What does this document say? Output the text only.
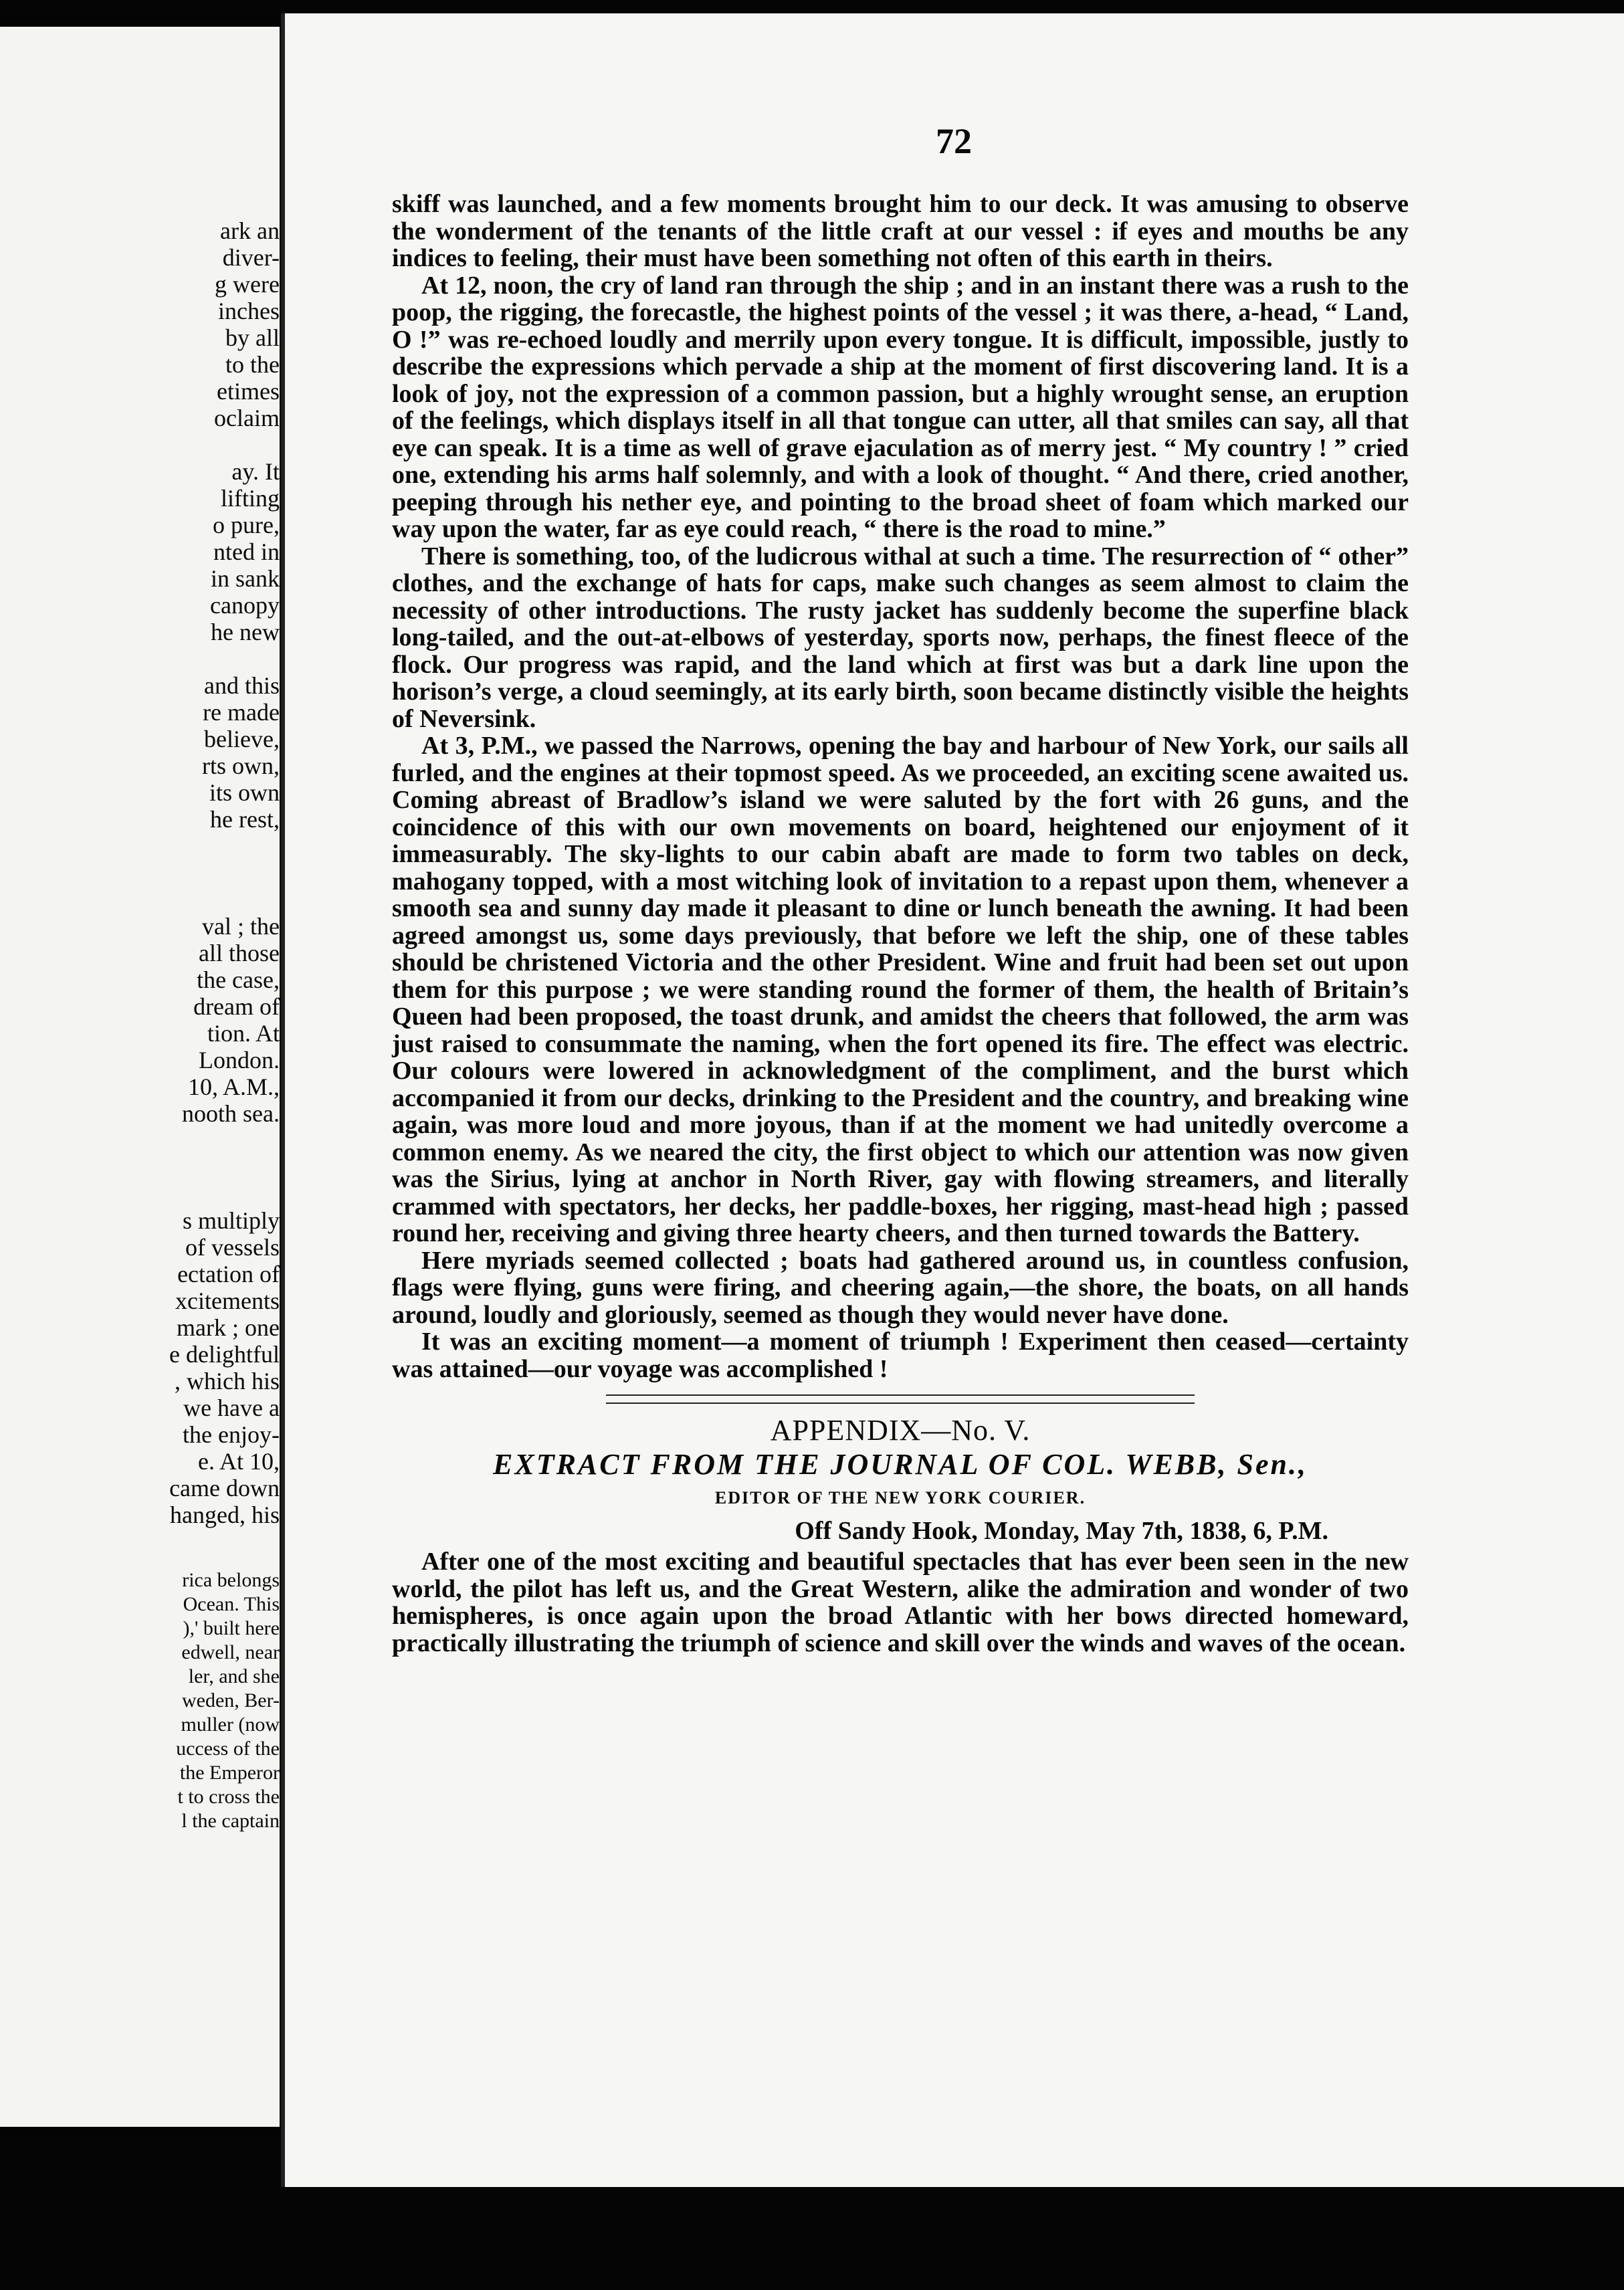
ark an
diver-
g were
inches
by all
to the
etimes
oclaim
ay. It
lifting
o pure,
nted in
in sank
canopy
he new
and this
re made
believe,
rts own,
its own
he rest,
val ; the
all those
the case,
dream of
tion. At
London.
10, A.M.,
nooth sea.
s multiply
of vessels
ectation of
xcitements
mark ; one
e delightful
, which his
we have a
the enjoy-
e. At 10,
came down
hanged, his
rica belongs
Ocean. This
),' built here
edwell, near
ler, and she
weden, Ber-
muller (now
uccess of the
the Emperor
t to cross the
l the captain
72

skiff was launched, and a few moments brought him to our deck. It was amusing to observe the wonderment of the tenants of the little craft at our vessel : if eyes and mouths be any indices to feeling, their must have been something not often of this earth in theirs.

At 12, noon, the cry of land ran through the ship ; and in an instant there was a rush to the poop, the rigging, the forecastle, the highest points of the vessel ; it was there, a-head, “ Land, O !” was re-echoed loudly and merrily upon every tongue. It is difficult, impossible, justly to describe the expressions which pervade a ship at the moment of first discovering land. It is a look of joy, not the expression of a common passion, but a highly wrought sense, an eruption of the feelings, which displays itself in all that tongue can utter, all that smiles can say, all that eye can speak. It is a time as well of grave ejaculation as of merry jest. “ My country ! ” cried one, extending his arms half solemnly, and with a look of thought. “ And there, cried another, peeping through his nether eye, and pointing to the broad sheet of foam which marked our way upon the water, far as eye could reach, “ there is the road to mine.”

There is something, too, of the ludicrous withal at such a time. The resurrection of “ other” clothes, and the exchange of hats for caps, make such changes as seem almost to claim the necessity of other introductions. The rusty jacket has suddenly become the superfine black long-tailed, and the out-at-elbows of yesterday, sports now, perhaps, the finest fleece of the flock. Our progress was rapid, and the land which at first was but a dark line upon the horison’s verge, a cloud seemingly, at its early birth, soon became distinctly visible the heights of Neversink.

At 3, P.M., we passed the Narrows, opening the bay and harbour of New York, our sails all furled, and the engines at their topmost speed. As we proceeded, an exciting scene awaited us. Coming abreast of Bradlow’s island we were saluted by the fort with 26 guns, and the coincidence of this with our own movements on board, heightened our enjoyment of it immeasurably. The sky-lights to our cabin abaft are made to form two tables on deck, mahogany topped, with a most witching look of invitation to a repast upon them, whenever a smooth sea and sunny day made it pleasant to dine or lunch beneath the awning. It had been agreed amongst us, some days previously, that before we left the ship, one of these tables should be christened Victoria and the other President. Wine and fruit had been set out upon them for this purpose ; we were standing round the former of them, the health of Britain’s Queen had been proposed, the toast drunk, and amidst the cheers that followed, the arm was just raised to consummate the naming, when the fort opened its fire. The effect was electric. Our colours were lowered in acknowledgment of the compliment, and the burst which accompanied it from our decks, drinking to the President and the country, and breaking wine again, was more loud and more joyous, than if at the moment we had unitedly overcome a common enemy. As we neared the city, the first object to which our attention was now given was the Sirius, lying at anchor in North River, gay with flowing streamers, and literally crammed with spectators, her decks, her paddle-boxes, her rigging, mast-head high ; passed round her, receiving and giving three hearty cheers, and then turned towards the Battery.

Here myriads seemed collected ; boats had gathered around us, in countless confusion, flags were flying, guns were firing, and cheering again,—the shore, the boats, on all hands around, loudly and gloriously, seemed as though they would never have done.

It was an exciting moment—a moment of triumph ! Experiment then ceased—certainty was attained—our voyage was accomplished !

APPENDIX—No. V.
EXTRACT FROM THE JOURNAL OF COL. WEBB, Sen.,
EDITOR OF THE NEW YORK COURIER.
Off Sandy Hook, Monday, May 7th, 1838, 6, P.M.

After one of the most exciting and beautiful spectacles that has ever been seen in the new world, the pilot has left us, and the Great Western, alike the admiration and wonder of two hemispheres, is once again upon the broad Atlantic with her bows directed homeward, practically illustrating the triumph of science and skill over the winds and waves of the ocean.
